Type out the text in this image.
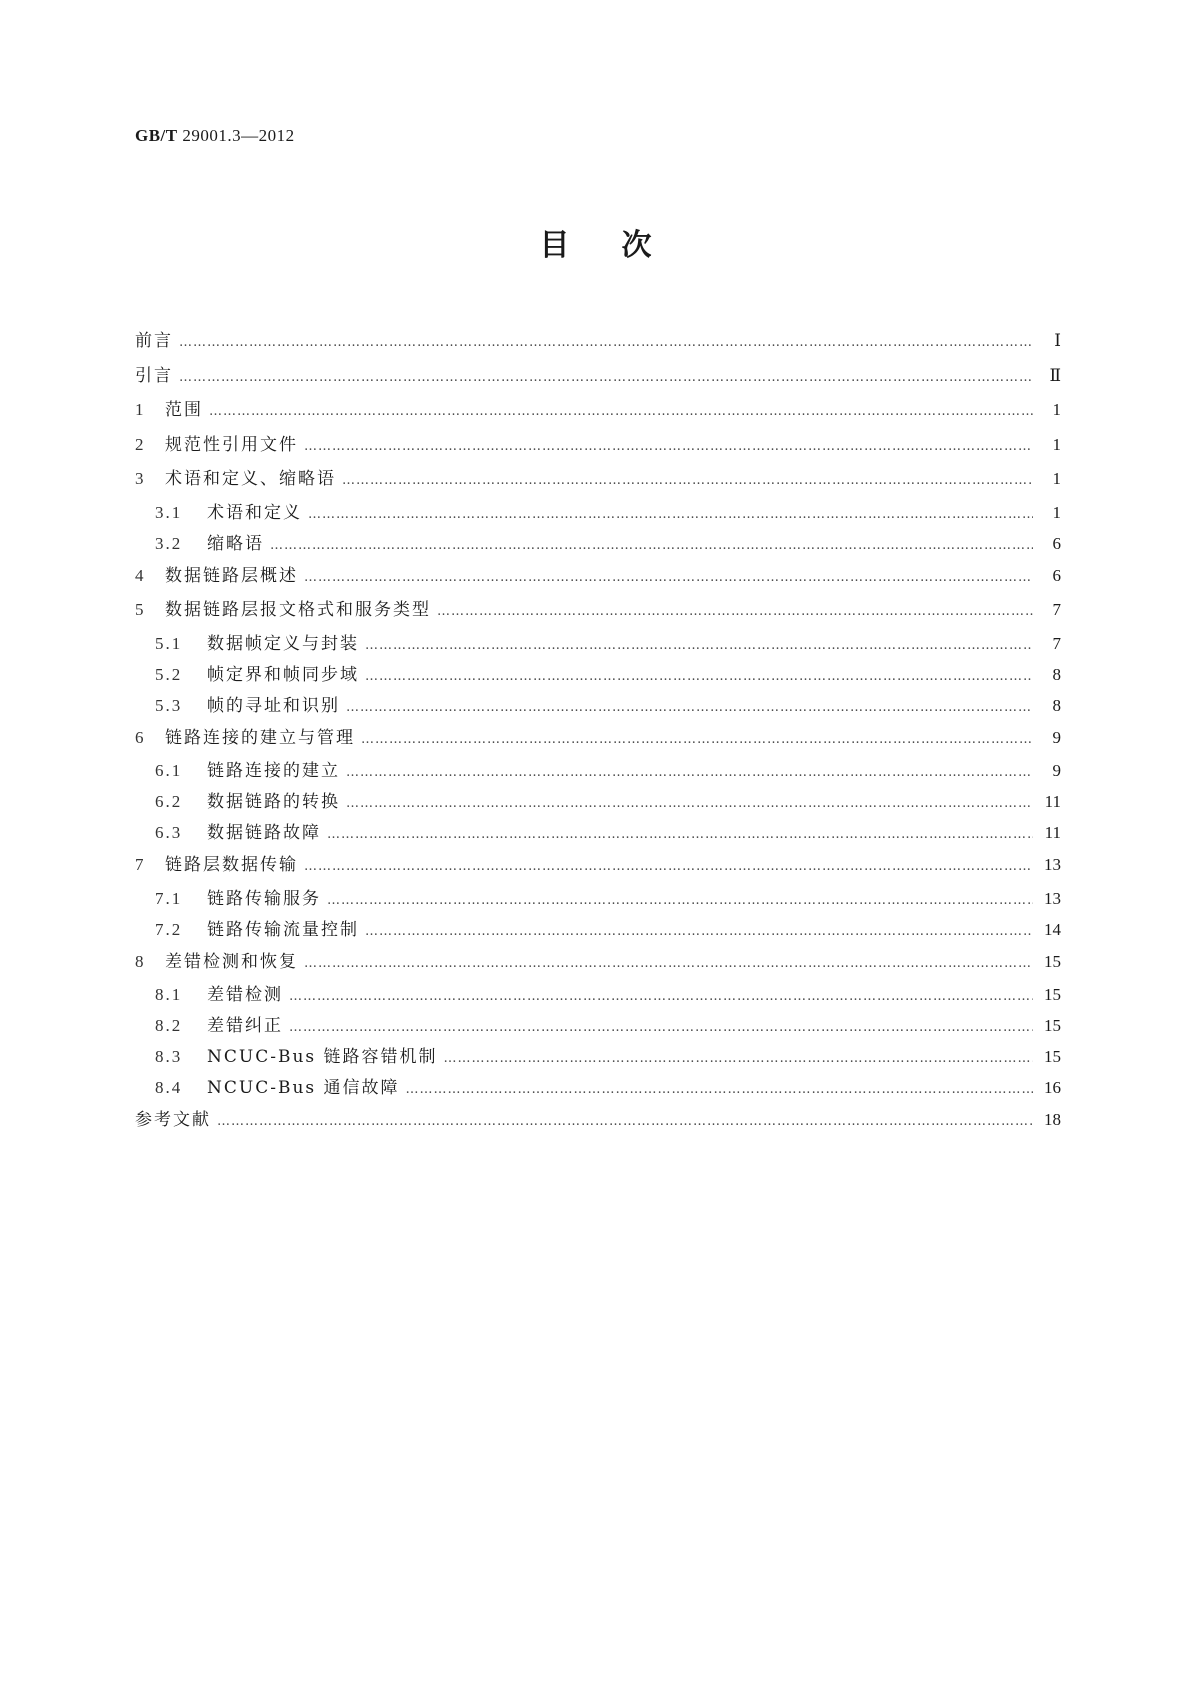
GB/T 29001.3—2012
目次
前言 …………………………………………………………………………………………………………………………………………………………………………………………………………………………………………………………	Ⅰ
引言 …………………………………………………………………………………………………………………………………………………………………………………………………………………………………………………………	Ⅱ
1	范围 …………………………………………………………………………………………………………………………………………………………………………………………………………………………………………………………	1
2	规范性引用文件 …………………………………………………………………………………………………………………………………………………………………………………………………………………………………………………………	1
3	术语和定义、缩略语 …………………………………………………………………………………………………………………………………………………………………………………………………………………………………………………………	1
3.1	术语和定义 …………………………………………………………………………………………………………………………………………………………………………………………………………………………………………………………	1
3.2	缩略语 …………………………………………………………………………………………………………………………………………………………………………………………………………………………………………………………	6
4	数据链路层概述 …………………………………………………………………………………………………………………………………………………………………………………………………………………………………………………………	6
5	数据链路层报文格式和服务类型 …………………………………………………………………………………………………………………………………………………………………………………………………………………………………………………………	7
5.1	数据帧定义与封装 …………………………………………………………………………………………………………………………………………………………………………………………………………………………………………………………	7
5.2	帧定界和帧同步域 …………………………………………………………………………………………………………………………………………………………………………………………………………………………………………………………	8
5.3	帧的寻址和识别 …………………………………………………………………………………………………………………………………………………………………………………………………………………………………………………………	8
6	链路连接的建立与管理 …………………………………………………………………………………………………………………………………………………………………………………………………………………………………………………………	9
6.1	链路连接的建立 …………………………………………………………………………………………………………………………………………………………………………………………………………………………………………………………	9
6.2	数据链路的转换 …………………………………………………………………………………………………………………………………………………………………………………………………………………………………………………………	11
6.3	数据链路故障 …………………………………………………………………………………………………………………………………………………………………………………………………………………………………………………………	11
7	链路层数据传输 …………………………………………………………………………………………………………………………………………………………………………………………………………………………………………………………	13
7.1	链路传输服务 …………………………………………………………………………………………………………………………………………………………………………………………………………………………………………………………	13
7.2	链路传输流量控制 …………………………………………………………………………………………………………………………………………………………………………………………………………………………………………………………	14
8	差错检测和恢复 …………………………………………………………………………………………………………………………………………………………………………………………………………………………………………………………	15
8.1	差错检测 …………………………………………………………………………………………………………………………………………………………………………………………………………………………………………………………	15
8.2	差错纠正 …………………………………………………………………………………………………………………………………………………………………………………………………………………………………………………………	15
8.3	NCUC-Bus 链路容错机制 …………………………………………………………………………………………………………………………………………………………………………………………………………………………………………………………	15
8.4	NCUC-Bus 通信故障 …………………………………………………………………………………………………………………………………………………………………………………………………………………………………………………………	16
参考文献 …………………………………………………………………………………………………………………………………………………………………………………………………………………………………………………………	18
